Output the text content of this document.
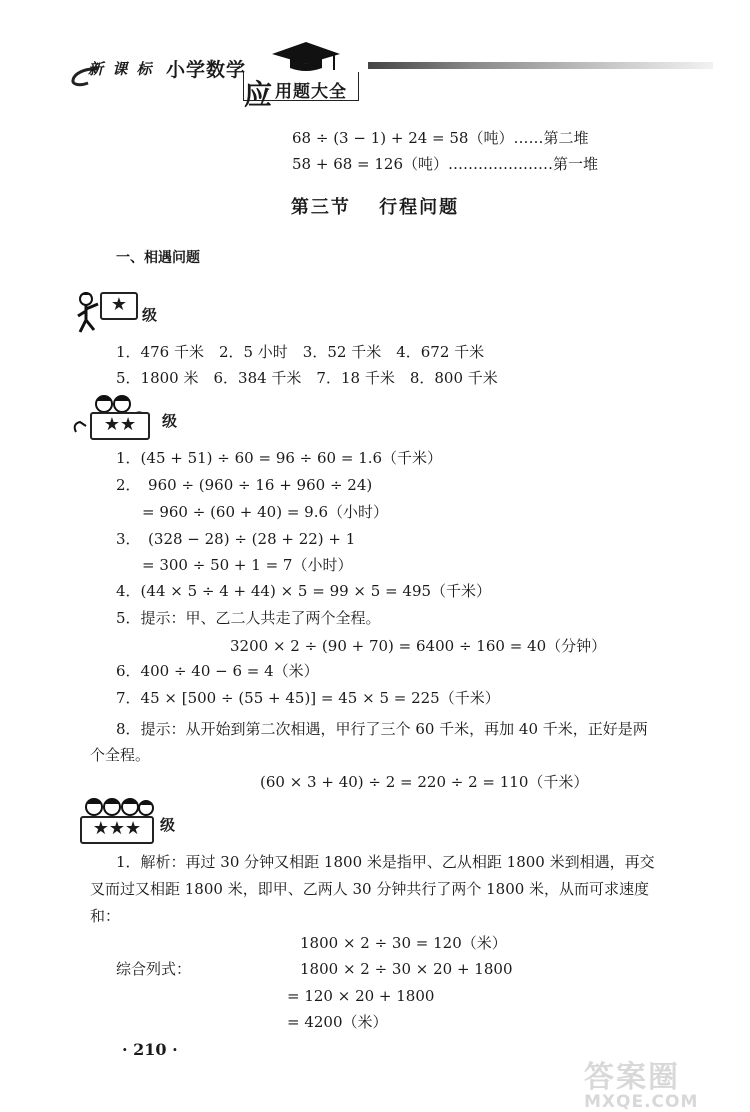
新 课 标 小学数学
应 用题大全
68 ÷ (3 − 1) + 24 = 58（吨）……第二堆
58 + 68 = 126（吨）…………………第一堆
第三节 行程问题
一、相遇问题
★ 级
1．476 千米　2．5 小时　3．52 千米　4．672 千米
5．1800 米　6．384 千米　7．18 千米　8．800 千米
★★	级
1．(45 + 51) ÷ 60 = 96 ÷ 60 = 1.6（千米）
2．　960 ÷ (960 ÷ 16 + 960 ÷ 24)
= 960 ÷ (60 + 40) = 9.6（小时）
3．　(328 − 28) ÷ (28 + 22) + 1
= 300 ÷ 50 + 1 = 7（小时）
4．(44 × 5 ÷ 4 + 44) × 5 = 99 × 5 = 495（千米）
5．提示：甲、乙二人共走了两个全程。
3200 × 2 ÷ (90 + 70) = 6400 ÷ 160 = 40（分钟）
6．400 ÷ 40 − 6 = 4（米）
7．45 × [500 ÷ (55 + 45)] = 45 × 5 = 225（千米）
8．提示：从开始到第二次相遇，甲行了三个 60 千米，再加 40 千米，正好是两
个全程。
(60 × 3 + 40) ÷ 2 = 220 ÷ 2 = 110（千米）
★★★	级
1．解析：再过 30 分钟又相距 1800 米是指甲、乙从相距 1800 米到相遇，再交
叉而过又相距 1800 米，即甲、乙两人 30 分钟共行了两个 1800 米，从而可求速度
和：
1800 × 2 ÷ 30 = 120（米）
综合列式：	1800 × 2 ÷ 30 × 20 + 1800
= 120 × 20 + 1800
= 4200（米）
· 210 ·
答案圈
MXQE.COM
